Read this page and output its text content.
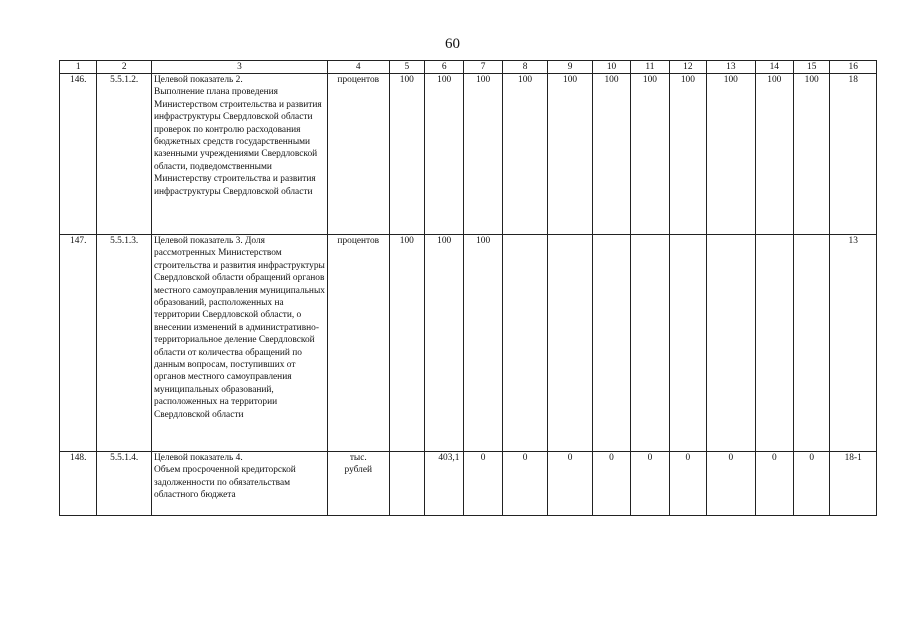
60
1	2	3	4	5	6	7	8	9	10	11	12	13	14	15	16
146.	5.5.1.2.	Целевой показатель 2.
Выполнение плана проведения Министерством строительства и развития инфраструктуры Свердловской области проверок по контролю расходования бюджетных средств государственными казенными учреждениями Свердловской области, подведомственными Министерству строительства и развития инфраструктуры Свердловской области	процентов	100	100	100	100	100	100	100	100	100	100	100	18
147.	5.5.1.3.	Целевой показатель 3. Доля рассмотренных Министерством строительства и развития инфраструктуры Свердловской области обращений органов местного самоуправления муниципальных образований, расположенных на территории Свердловской области, о внесении изменений в административно-территориальное деление Свердловской области от количества обращений по данным вопросам, поступивших от органов местного самоуправления муниципальных образований, расположенных на территории Свердловской области	процентов	100	100	100									13
148.	5.5.1.4.	Целевой показатель 4.
Объем просроченной кредиторской задолженности по обязательствам областного бюджета	тыс.
рублей		403,1	0	0	0	0	0	0	0	0	0	18-1
